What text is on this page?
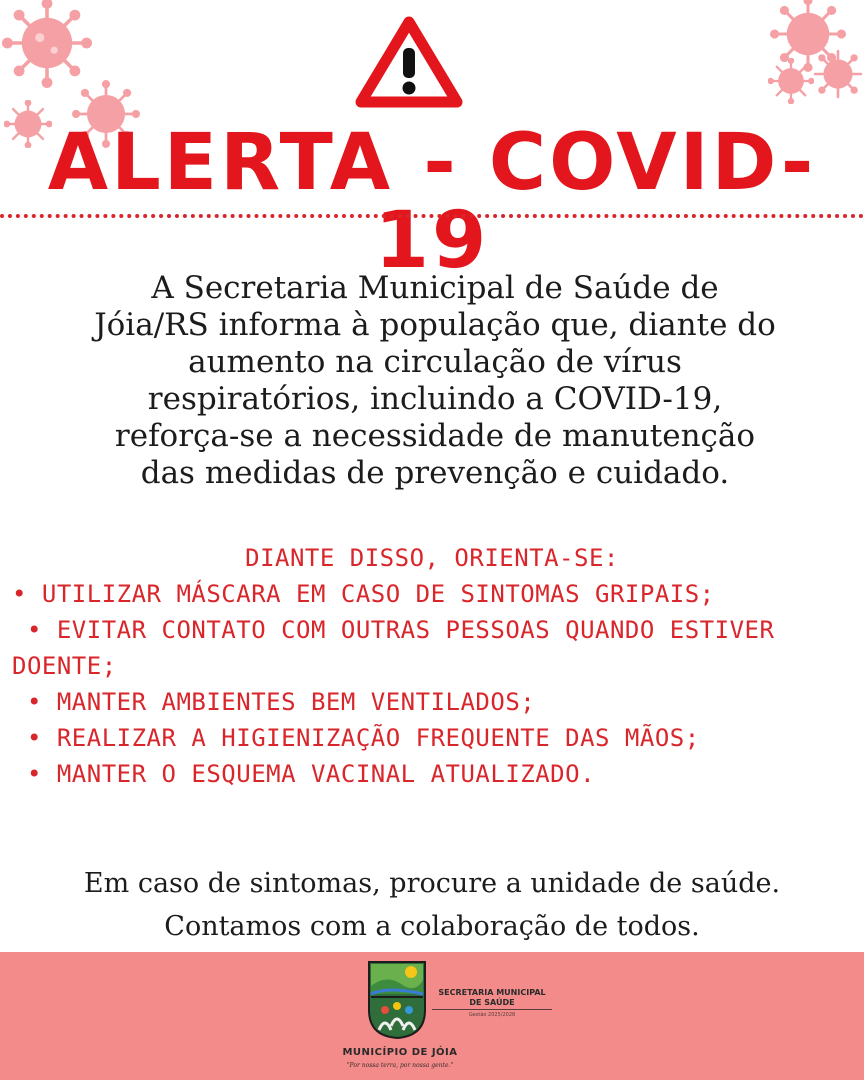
ALERTA - COVID-19
A Secretaria Municipal de Saúde de
Jóia/RS informa à população que, diante do
aumento na circulação de vírus
respiratórios, incluindo a COVID-19,
reforça-se a necessidade de manutenção
das medidas de prevenção e cuidado.
DIANTE DISSO, ORIENTA-SE:
• UTILIZAR MÁSCARA EM CASO DE SINTOMAS GRIPAIS;
• EVITAR CONTATO COM OUTRAS PESSOAS QUANDO ESTIVER
DOENTE;
• MANTER AMBIENTES BEM VENTILADOS;
• REALIZAR A HIGIENIZAÇÃO FREQUENTE DAS MÃOS;
• MANTER O ESQUEMA VACINAL ATUALIZADO.
Em caso de sintomas, procure a unidade de saúde.
Contamos com a colaboração de todos.
SECRETARIA MUNICIPAL
DE SAÚDE
Gestão 2025/2028
MUNICÍPIO DE JÓIA
"Por nossa terra, por nossa gente."
